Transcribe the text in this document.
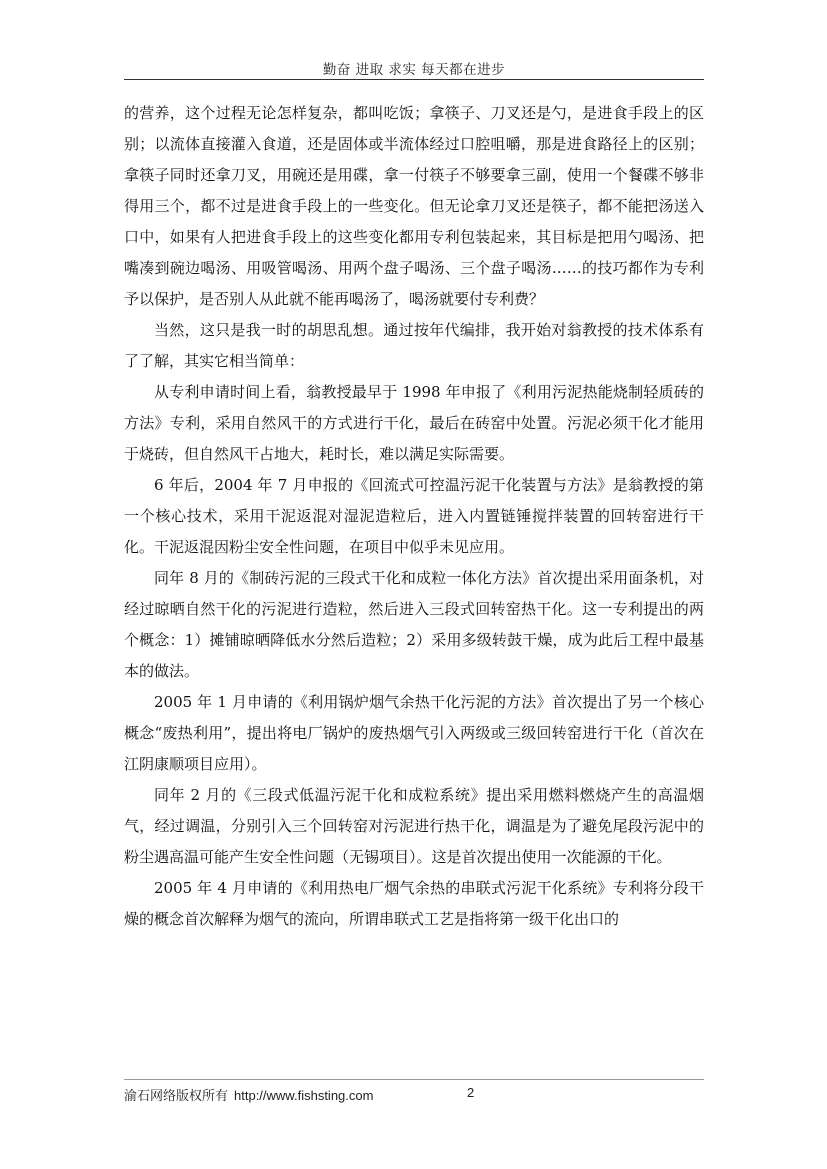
勤奋 进取 求实 每天都在进步

的营养，这个过程无论怎样复杂，都叫吃饭；拿筷子、刀叉还是勺，是进食手段上的区别；以流体直接灌入食道，还是固体或半流体经过口腔咀嚼，那是进食路径上的区别；拿筷子同时还拿刀叉，用碗还是用碟，拿一付筷子不够要拿三副，使用一个餐碟不够非得用三个，都不过是进食手段上的一些变化。但无论拿刀叉还是筷子，都不能把汤送入口中，如果有人把进食手段上的这些变化都用专利包装起来，其目标是把用勺喝汤、把嘴凑到碗边喝汤、用吸管喝汤、用两个盘子喝汤、三个盘子喝汤……的技巧都作为专利予以保护，是否别人从此就不能再喝汤了，喝汤就要付专利费？

当然，这只是我一时的胡思乱想。通过按年代编排，我开始对翁教授的技术体系有了了解，其实它相当简单：

从专利申请时间上看，翁教授最早于 1998 年申报了《利用污泥热能烧制轻质砖的方法》专利，采用自然风干的方式进行干化，最后在砖窑中处置。污泥必须干化才能用于烧砖，但自然风干占地大，耗时长，难以满足实际需要。

6 年后，2004 年 7 月申报的《回流式可控温污泥干化装置与方法》是翁教授的第一个核心技术，采用干泥返混对湿泥造粒后，进入内置链锤搅拌装置的回转窑进行干化。干泥返混因粉尘安全性问题，在项目中似乎未见应用。

同年 8 月的《制砖污泥的三段式干化和成粒一体化方法》首次提出采用面条机，对经过晾晒自然干化的污泥进行造粒，然后进入三段式回转窑热干化。这一专利提出的两个概念：1）摊铺晾晒降低水分然后造粒；2）采用多级转鼓干燥，成为此后工程中最基本的做法。

2005 年 1 月申请的《利用锅炉烟气余热干化污泥的方法》首次提出了另一个核心概念“废热利用”，提出将电厂锅炉的废热烟气引入两级或三级回转窑进行干化（首次在江阴康顺项目应用）。

同年 2 月的《三段式低温污泥干化和成粒系统》提出采用燃料燃烧产生的高温烟气，经过调温，分别引入三个回转窑对污泥进行热干化，调温是为了避免尾段污泥中的粉尘遇高温可能产生安全性问题（无锡项目）。这是首次提出使用一次能源的干化。

2005 年 4 月申请的《利用热电厂烟气余热的串联式污泥干化系统》专利将分段干燥的概念首次解释为烟气的流向，所谓串联式工艺是指将第一级干化出口的

渝石网络版权所有 http://www.fishsting.com	2
